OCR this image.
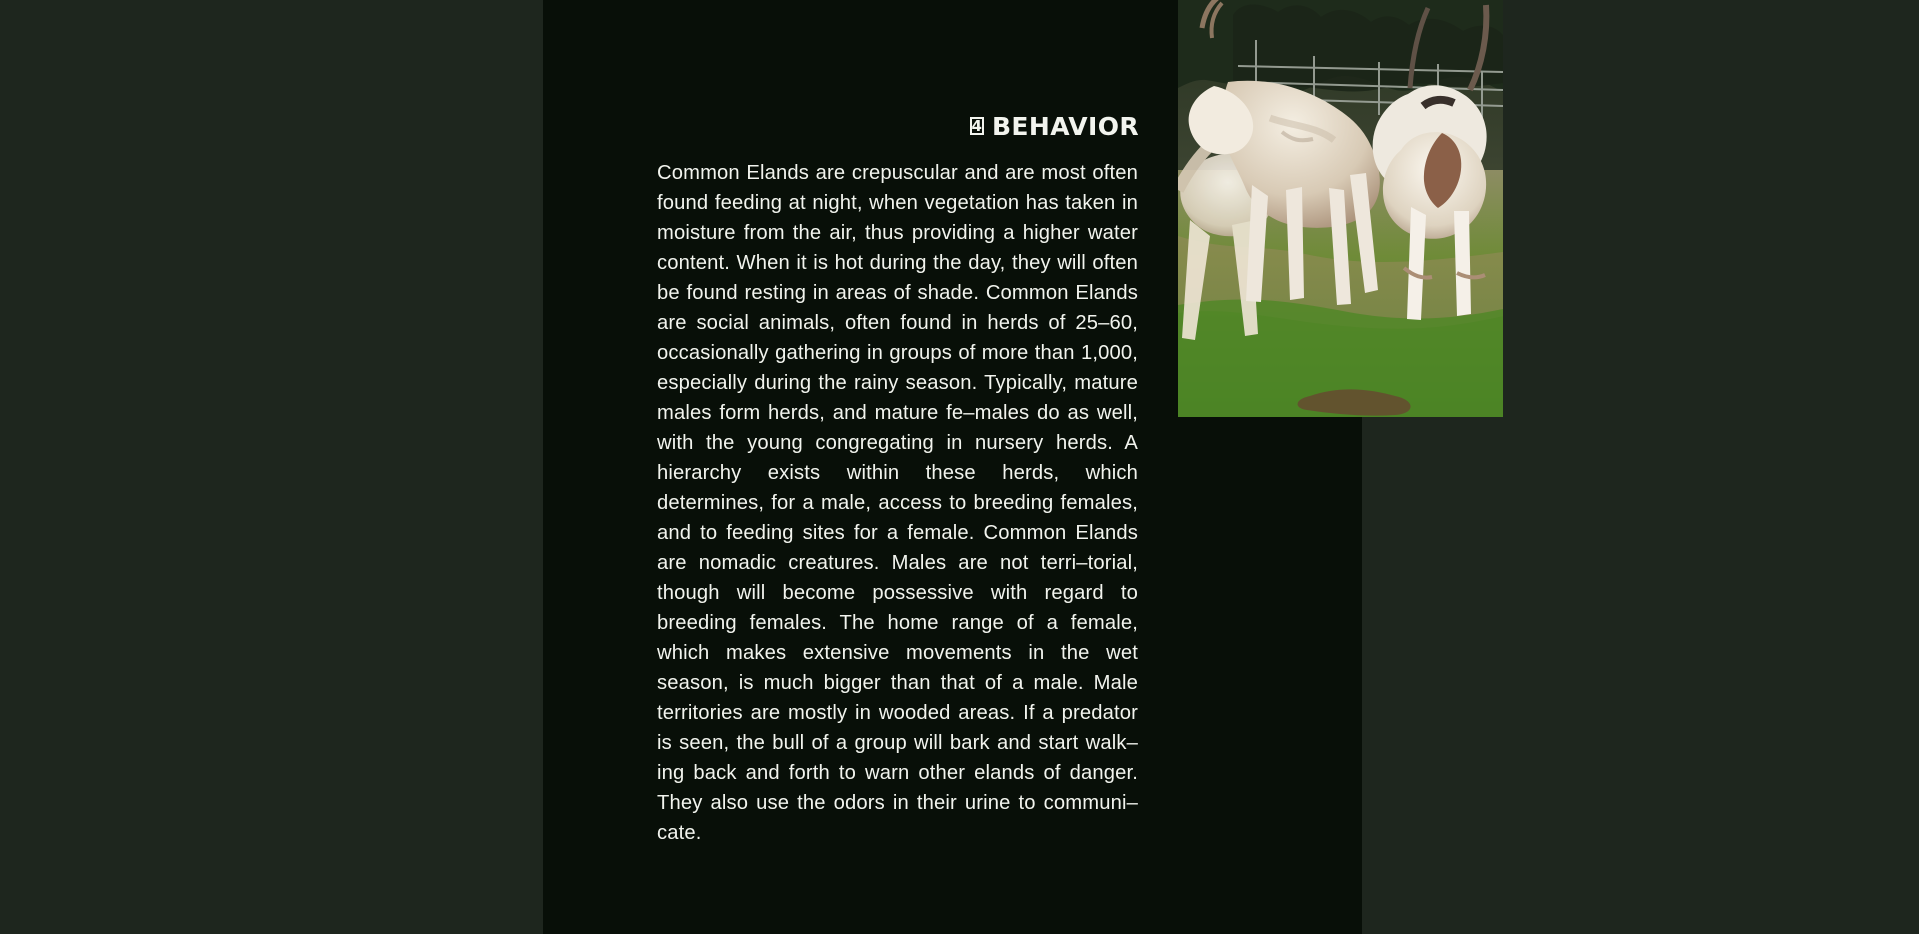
4 BEHAVIOR

Common Elands are crepuscular and are most often found feeding at night, when vegetation has taken in moisture from the air, thus providing a higher water content. When it is hot during the day, they will often be found resting in areas of shade. Common Elands are social animals, often found in herds of 25–60, occasionally gathering in groups of more than 1,000, especially during the rainy season. Typically, mature males form herds, and mature fe–males do as well, with the young congregating in nursery herds. A hierarchy exists within these herds, which determines, for a male, access to breeding females, and to feeding sites for a female. Common Elands are nomadic creatures. Males are not terri–torial, though will become possessive with regard to breeding females. The home range of a female, which makes extensive movements in the wet season, is much bigger than that of a male. Male territories are mostly in wooded areas. If a predator is seen, the bull of a group will bark and start walk–ing back and forth to warn other elands of danger. They also use the odors in their urine to communi–cate.
